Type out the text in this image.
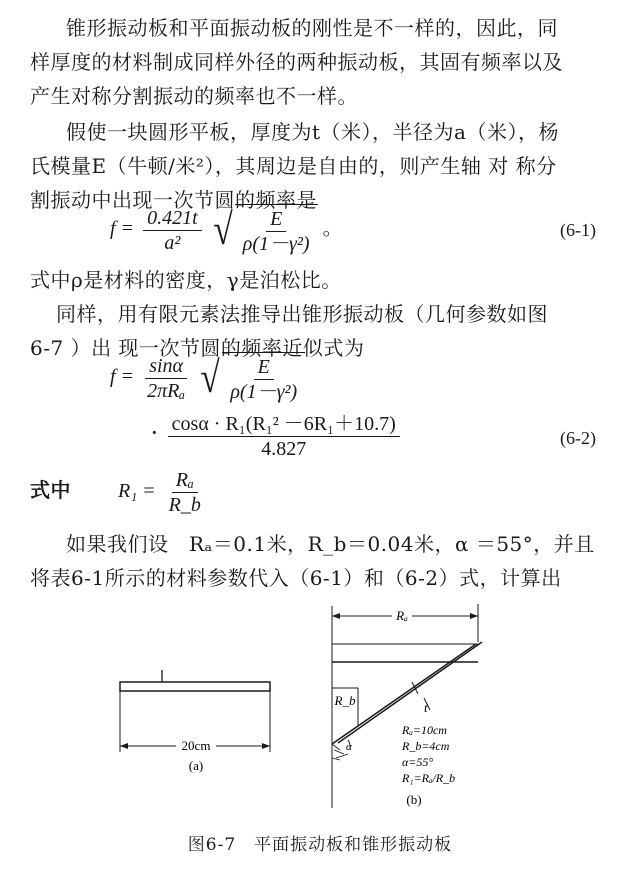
锥形振动板和平面振动板的刚性是不一样的，因此，同
样厚度的材料制成同样外径的两种振动板，其固有频率以及
产生对称分割振动的频率也不一样。
假使一块圆形平板，厚度为t（米），半径为a（米），杨
氏模量E（牛顿/米²），其周边是自由的，则产生轴 对 称分
割振动中出现一次节圆的频率是
$f = \frac{0.421t}{\text{a²}}$
√ $\frac{E}{\text{ρ(1－γ²)}}$ 。	(6-1)
式中ρ是材料的密度，γ是泊松比。
同样，用有限元素法推导出锥形振动板（几何参数如图
6-7 ）出 现一次节圆的频率近似式为
$f = \frac{\sin\alpha}{\text{2πRₐ}}$
√ $\frac{E}{\text{ρ(1－γ²)}}$
· $\frac{\text{cosα · R₁(R₁² －6R₁＋10.7)}}{4.827}$	(6-2)
式中 $R_1 = \frac{\text{Rₐ}}{R\_b}$
如果我们设　Rₐ＝0.1米，R_b＝0.04米，α ＝55°，并且
将表6-1所示的材料参数代入（6-1）和（6-2）式，计算出
20cm
(a)
Rₐ
R_b
α
t
Rₐ=10cm
R_b=4cm
α=55°
R₁=Rₐ/R_b
(b)
图6-7　平面振动板和锥形振动板
